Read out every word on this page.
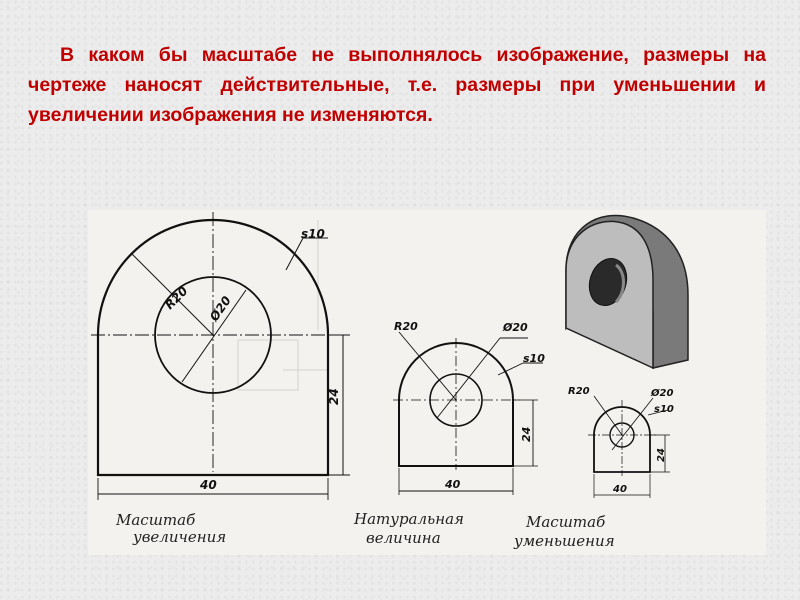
В каком бы масштабе не выполнялось изображение, размеры на чертеже наносят действительные, т.е. размеры при уменьшении и увеличении изображения не изменяются.
s10
R20 Ø20
24
40
R20	Ø20
s10
24
40
R20	Ø20
s10
24
40
Масштаб
увеличения
Натуральная
величина
Масштаб
уменьшения
